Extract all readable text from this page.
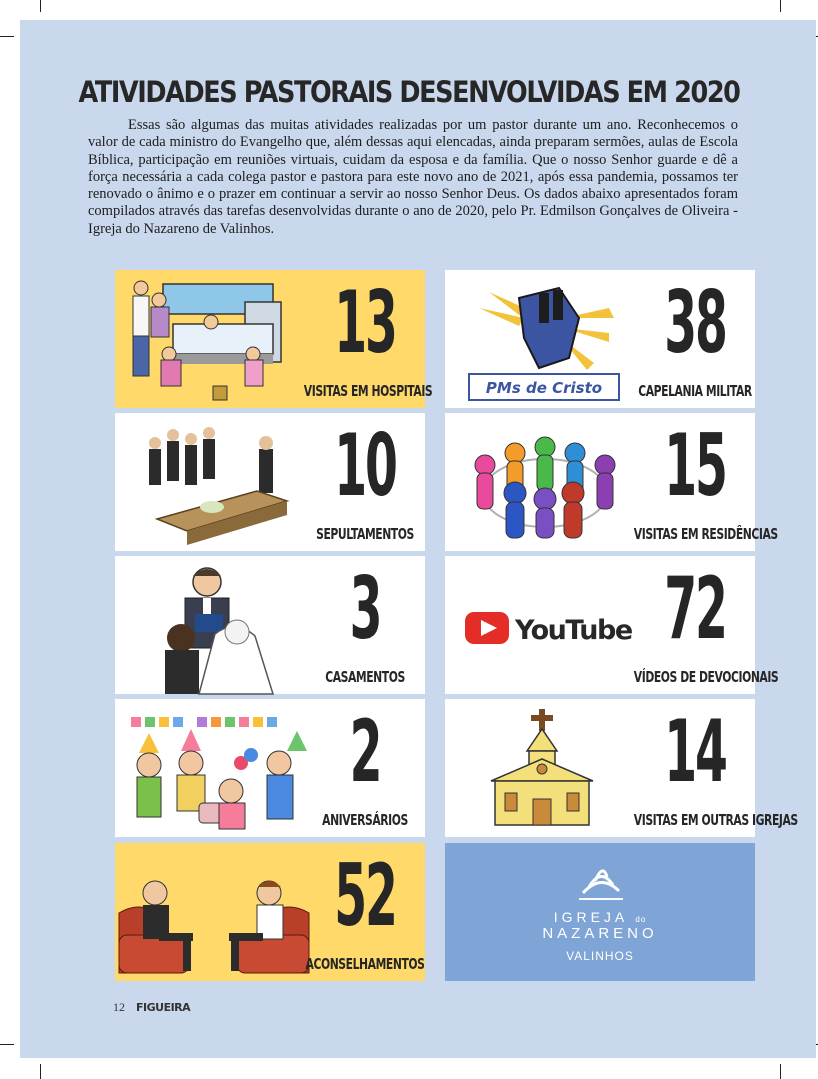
ATIVIDADES PASTORAIS DESENVOLVIDAS EM 2020

Essas são algumas das muitas atividades realizadas por um pastor durante um ano. Reconhecemos o valor de cada ministro do Evangelho que, além dessas aqui elencadas, ainda preparam sermões, aulas de Escola Bíblica, participação em reuniões virtuais, cuidam da esposa e da família. Que o nosso Senhor guarde e dê a força necessária a cada colega pastor e pastora para este novo ano de 2021, após essa pandemia, possamos ter renovado o ânimo e o prazer em continuar a servir ao nosso Senhor Deus. Os dados abaixo apresentados foram compilados através das tarefas desenvolvidas durante o ano de 2020, pelo Pr. Edmilson Gonçalves de Oliveira - Igreja do Nazareno de Valinhos.

13
VISITAS EM HOSPITAIS	PMs de Cristo
38
CAPELANIA MILITAR
10
SEPULTAMENTOS
15
VISITAS EM RESIDÊNCIAS
3
CASAMENTOS
YouTube 72
VÍDEOS DE DEVOCIONAIS
2
ANIVERSÁRIOS
14
VISITAS EM OUTRAS IGREJAS
52
ACONSELHAMENTOS
IGREJA do
NAZARENO
VALINHOS
12 FIGUEIRA
